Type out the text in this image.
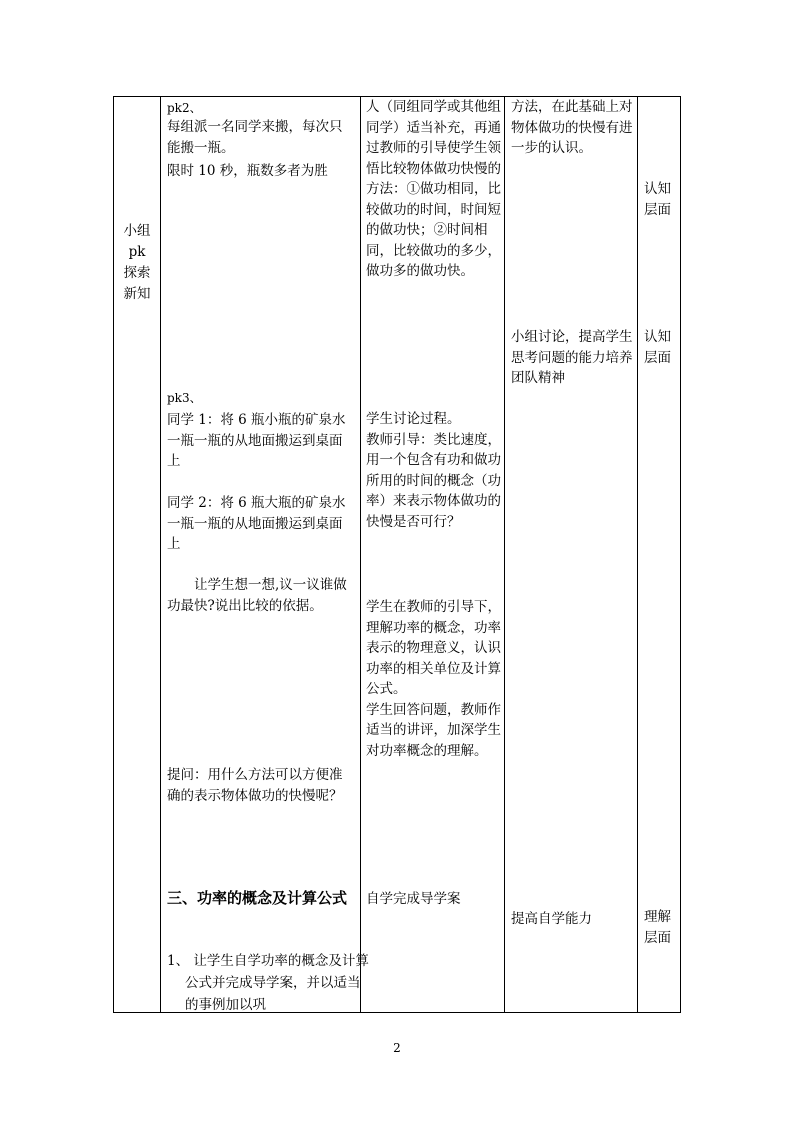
小组
pk
探索
新知
pk2、
每组派一名同学来搬，每次只能搬一瓶。
限时 10 秒，瓶数多者为胜
pk3、
同学 1：将 6 瓶小瓶的矿泉水一瓶一瓶的从地面搬运到桌面上
同学 2：将 6 瓶大瓶的矿泉水一瓶一瓶的从地面搬运到桌面上
让学生想一想,议一议谁做功最快?说出比较的依据。
提问：用什么方法可以方便准确的表示物体做功的快慢呢？
三、功率的概念及计算公式
1、 让学生自学功率的概念及计算公式并完成导学案，并以适当的事例加以巩
人（同组同学或其他组同学）适当补充，再通过教师的引导使学生领悟比较物体做功快慢的方法：①做功相同，比较做功的时间，时间短的做功快；②时间相同，比较做功的多少，做功多的做功快。
学生讨论过程。
教师引导：类比速度，用一个包含有功和做功所用的时间的概念（功率）来表示物体做功的快慢是否可行？
学生在教师的引导下，理解功率的概念，功率表示的物理意义，认识功率的相关单位及计算公式。
学生回答问题，教师作适当的讲评，加深学生对功率概念的理解。
自学完成导学案
方法，在此基础上对物体做功的快慢有进一步的认识。
小组讨论，提高学生思考问题的能力培养团队精神
提高自学能力
认知层面
认知层面
理解层面
2
